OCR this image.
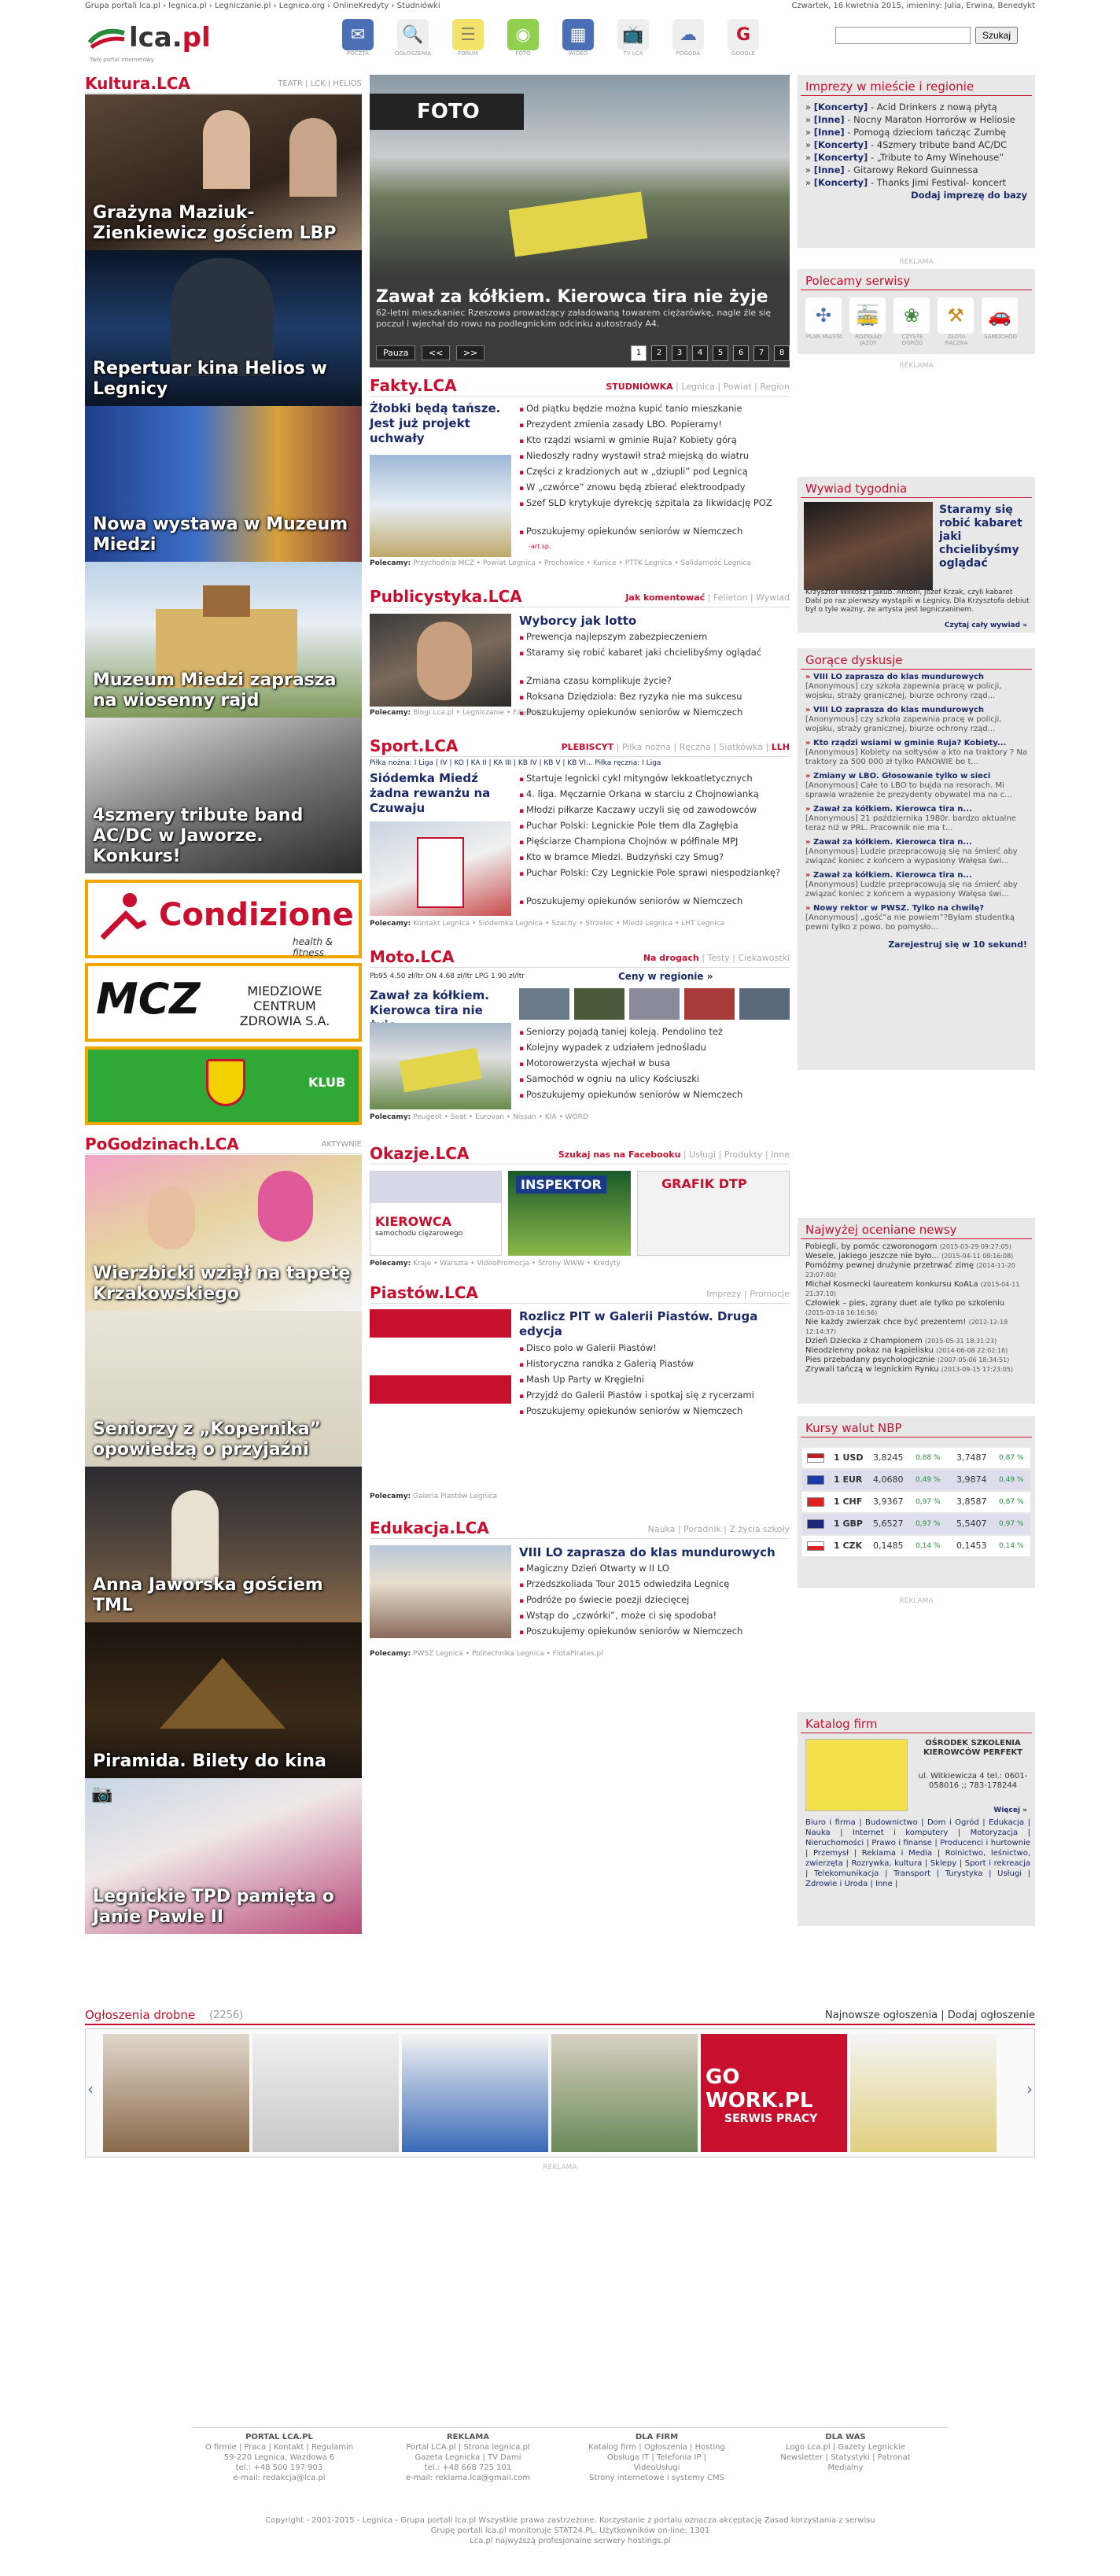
Grupa portali lca.pl › legnica.pl › Legniczanie.pl › Legnica.org › OnlineKredyty › Studniówki	Czwartek, 16 kwietnia 2015, imieniny: Julia, Erwina, Benedykt
lca.pl
Twój portal internetowy
✉
POCZTA
🔍
OGŁOSZENIA
☰
FORUM
◉
FOTO
▦
WIDEO
📺
TV LCA
☁
POGODA
G
GOOGLE
Szukaj
Kultura.LCA	TEATR | LCK | HELIOS
Grażyna Maziuk-Zienkiewicz gościem LBP
Repertuar kina Helios w Legnicy
Nowa wystawa w Muzeum Miedzi
Muzeum Miedzi zaprasza na wiosenny rajd
4szmery tribute band AC/DC w Jaworze. Konkurs!
Condizione
health & fitness
MCZ	MIEDZIOWE CENTRUM ZDROWIA S.A.
KLUB
PoGodzinach.LCA	AKTYWNIE
Wierzbicki wziął na tapetę Krzakowskiego
Seniorzy z „Kopernika” opowiedzą o przyjaźni
Anna Jaworska gościem TML
Piramida. Bilety do kina
📷
Legnickie TPD pamięta o Janie Pawle II
FOTO
Zawał za kółkiem. Kierowca tira nie żyje
62-letni mieszkaniec Rzeszowa prowadzący załadowaną towarem ciężarówkę, nagle źle się poczuł i wjechał do rowu na podlegnickim odcinku autostrady A4.
Pauza << >>	1	2	3	4	5	6	7	8
Fakty.LCA	STUDNIÓWKA | Legnica | Powiat | Region
Żłobki będą tańsze. Jest już projekt uchwały
▪ Od piątku będzie można kupić tanio mieszkanie
▪ Prezydent zmienia zasady LBO. Popieramy!
▪ Kto rządzi wsiami w gminie Ruja? Kobiety górą
▪ Niedoszły radny wystawił straż miejską do wiatru
▪ Części z kradzionych aut w „dziupli” pod Legnicą
▪ W „czwórce” znowu będą zbierać elektroodpady
▪ Szef SLD krytykuje dyrekcję szpitala za likwidację POZ
▪ Poszukujemy opiekunów seniorów w Niemczech
-art.sp.
Polecamy: Przychodnia MCZ • Powiat Legnica • Prochowice • Kunice • PTTK Legnica • Solidarność Legnica
Publicystyka.LCA	Jak komentować | Felieton | Wywiad
Wyborcy jak lotto
▪ Prewencja najlepszym zabezpieczeniem
▪ Staramy się robić kabaret jaki chcielibyśmy oglądać
▪ Zmiana czasu komplikuje życie?
▪ Roksana Dziędziola: Bez ryzyka nie ma sukcesu
▪ Poszukujemy opiekunów seniorów w Niemczech
Polecamy: Blogi Lca.pl • Legniczanie • F.Cybulski
Sport.LCA	PLEBISCYT | Piłka nożna | Ręczna | Siatkówka | LLH
Piłka nożna: I Liga | IV | KO | KA II | KA III | KB IV | KB V | KB VI... Piłka ręczna: I Liga
Siódemka Miedź żadna rewanżu na Czuwaju
▪ Startuje legnicki cykl mityngów lekkoatletycznych
▪ 4. liga. Męczarnie Orkana w starciu z Chojnowianką
▪ Młodzi piłkarze Kaczawy uczyli się od zawodowców
▪ Puchar Polski: Legnickie Pole tłem dla Zagłębia
▪ Pięściarze Championa Chojnów w półfinale MPJ
▪ Kto w bramce Miedzi. Budzyński czy Smug?
▪ Puchar Polski: Czy Legnickie Pole sprawi niespodziankę?
▪ Poszukujemy opiekunów seniorów w Niemczech
Polecamy: Kontakt Legnica • Siódemka Legnica • Szachy • Strzelec • Miedź Legnica • LHT Legnica
Moto.LCA	Na drogach | Testy | Ciekawostki
Pb95 4.50 zł/ltr ON 4.68 zł/ltr LPG 1.90 zł/ltr	Ceny w regionie »
Zawał za kółkiem. Kierowca tira nie
▪ Seniorzy pojadą taniej koleją. Pendolino też
▪ Kolejny wypadek z udziałem jednośladu
▪ Motorowerzysta wjechał w busa
▪ Samochód w ogniu na ulicy Kościuszki
▪ Poszukujemy opiekunów seniorów w Niemczech
Polecamy: Peugeot • Seat • Eurovan • Nissan • KIA • WORD
Okazje.LCA	Szukaj nas na Facebooku | Usługi | Produkty | Inne
KIEROWCA
samochodu ciężarowego
INSPEKTOR	GRAFIK DTP
Polecamy: Kraje • Warszta • VideoPromocja • Strony WWW • Kredyty
Piastów.LCA	Imprezy | Promocje
Rozlicz PIT w Galerii Piastów. Druga edycja
▪ Disco polo w Galerii Piastów!
▪ Historyczna randka z Galerią Piastów
▪ Mash Up Party w Kręgielni
▪ Przyjdź do Galerii Piastów i spotkaj się z rycerzami
▪ Poszukujemy opiekunów seniorów w Niemczech
Polecamy: Galeria Piastów Legnica
Edukacja.LCA	Nauka | Poradnik | Z życia szkoły
VIII LO zaprasza do klas mundurowych
▪ Magiczny Dzień Otwarty w II LO
▪ Przedszkoliada Tour 2015 odwiedziła Legnicę
▪ Podróże po świecie poezji dziecięcej
▪ Wstąp do „czwórki”, może ci się spodoba!
▪ Poszukujemy opiekunów seniorów w Niemczech
Polecamy: PWSZ Legnica • Politechnika Legnica • FlotaPirates.pl
Imprezy w mieście i regionie
» [Koncerty] - Acid Drinkers z nową płytą
» [Inne] - Nocny Maraton Horrorów w Heliosie
» [Inne] - Pomogą dzieciom tańcząc Zumbę
» [Koncerty] - 4Szmery tribute band AC/DC
» [Koncerty] - „Tribute to Amy Winehouse”
» [Inne] - Gitarowy Rekord Guinnessa
» [Koncerty] - Thanks Jimi Festival- koncert
Dodaj imprezę do bazy
REKLAMA
Polecamy serwisy
✣
PLAN MIASTA
🚋
ROZKŁAD JAZDY
❀
CZYSTE OGRÓD
⚒
ZŁOTA RĄCZKA
🚗
SAMOCHÓD
REKLAMA
Wywiad tygodnia
Staramy się robić kabaret jaki chcielibyśmy oglądać
Krzysztof Wilkosz i Jakub. Antoni, Józef Krzak, czyli kabaret Dabi po raz pierwszy wystąpili w Legnicy. Dla Krzysztofa debiut był o tyle ważny, że artysta jest legniczaninem.
Czytaj cały wywiad »
Gorące dyskusje
» VIII LO zaprasza do klas mundurowych
[Anonymous] czy szkoła zapewnia pracę w policji, wojsku, straży granicznej, biurze ochrony rząd...
» VIII LO zaprasza do klas mundurowych
[Anonymous] czy szkoła zapewnia pracę w policji, wojsku, straży granicznej, biurze ochrony rząd...
» Kto rządzi wsiami w gminie Ruja? Kobiety...
[Anonymous] Kobiety na sołtysów a kto na traktory ? Na traktory za 500 000 zł tylko PANOWIE bo t...
» Zmiany w LBO. Głosowanie tylko w sieci
[Anonymous] Całe to LBO to bujda na resorach. Mi sprawia wrażenie że prezydenty obywatel ma na c...
» Zawał za kółkiem. Kierowca tira n...
[Anonymous] 21 października 1980r. bardzo aktualne teraz niż w PRL. Pracownik nie ma t...
» Zawał za kółkiem. Kierowca tira n...
[Anonymous] Ludzie przepracowują się na śmierć aby związać koniec z końcem a wypasiony Wałęsa świ...
» Zawał za kółkiem. Kierowca tira n...
[Anonymous] Ludzie przepracowują się na śmierć aby związać koniec z końcem a wypasiony Wałęsa świ...
» Nowy rektor w PWSZ. Tylko na chwilę?
[Anonymous] „gość”a nie powiem”?Byłam studentką pewni tylko z powo. bo pomysło...
Zarejestruj się w 10 sekund!
Najwyżej oceniane newsy
Pobiegli, by pomóc czworonogom (2015-03-29 09:27:05)
Wesele, jakiego jeszcze nie było... (2015-04-11 09:16:08)
Pomóżmy pewnej drużynie przetrwać zimę (2014-11-20 23:07:00)
Michał Kosmecki laureatem konkursu KoALa (2015-04-11 21:37:10)
Człowiek – pies, zgrany duet ale tylko po szkoleniu (2015-03-16 16:16:56)
Nie każdy zwierzak chce być prezentem! (2012-12-18 12:14:37)
Dzień Dziecka z Championem (2015-05-31 18:31:23)
Nieodzienny pokaz na kąpielisku (2014-06-08 22:02:16)
Pies przebadany psychologicznie (2007-05-06 18:34:51)
Zrywali tańczą w legnickim Rynku (2013-09-15 17:23:05)
Kursy walut NBP
1 USD 3,8245 0,88 % 3,7487 0,87 %
1 EUR 4,0680 0,49 % 3,9874 0,49 %
1 CHF 3,9367 0,97 % 3,8587 0,87 %
1 GBP 5,6527 0,97 % 5,5407 0,97 %
1 CZK 0,1485 0,14 % 0,1453 0,14 %
REKLAMA
Katalog firm
OŚRODEK SZKOLENIA KIEROWCÓW PERFEKT
ul. Witkiewicza 4 tel.: 0601-058016 ;; 783-178244
Więcej »
Biuro i firma | Budownictwo | Dom i Ogród | Edukacja | Nauka | Internet i komputery | Motoryzacja | Nieruchomości | Prawo i finanse | Producenci i hurtownie | Przemysł | Reklama i Media | Rolnictwo, leśnictwo, zwierzęta | Rozrywka, kultura | Sklepy | Sport i rekreacja | Telekomunikacja | Transport | Turystyka | Usługi | Zdrowie i Uroda | Inne |
Ogłoszenia drobne (2256)	Najnowsze ogłoszenia | Dodaj ogłoszenie
‹	GO WORK.PL
SERWIS PRACY
›
REKLAMA
PORTAL LCA.PL
O firmie | Praca | Kontakt | Regulamin
59-220 Legnica, Wazdowa 6
tel.: +48 500 197 903
e-mail: redakcja@lca.pl
REKLAMA
Portal LCA.pl | Strona legnica.pl
Gazeta Legnicka | TV Dami
tel.: +48 668 725 101
e-mail: reklama.lca@gmail.com
DLA FIRM
Katalog firm | Ogłoszenia | Hosting
Obsługa IT | Telefonia IP |
VideoUsługi
Strony internetowe i systemy CMS
DLA WAS
Logo Lca.pl | Gazety Legnickie
Newsletter | Statystyki | Patronat
Medialny
Copyright - 2001-2015 - Legnica - Grupa portali lca.pl Wszystkie prawa zastrzeżone. Korzystanie z portalu oznacza akceptację Zasad korzystania z serwisu
Grupę portali lca.pl monitoruje STAT24.PL. Użytkowników on-line: 1301
Lca.pl najwyższą profesjonalne serwery hostings.pl
